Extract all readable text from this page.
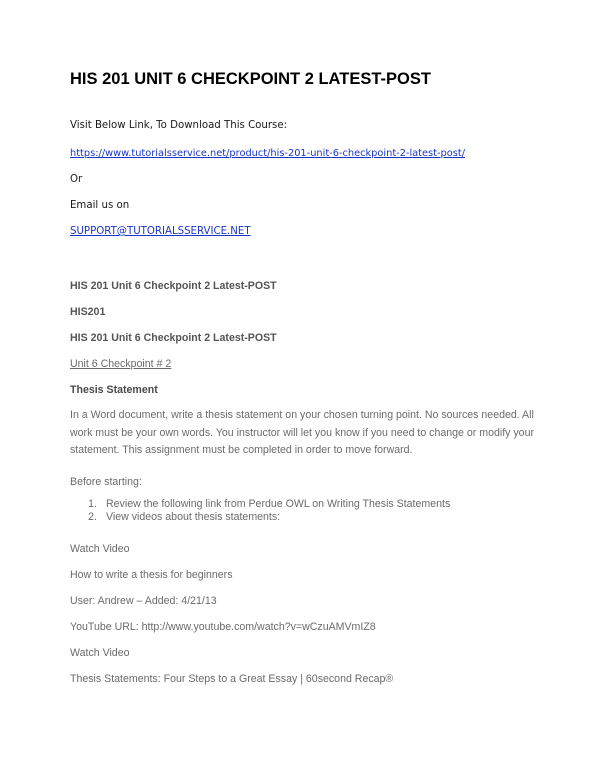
HIS 201 UNIT 6 CHECKPOINT 2 LATEST-POST

Visit Below Link, To Download This Course:

https://www.tutorialsservice.net/product/his-201-unit-6-checkpoint-2-latest-post/

Or

Email us on

SUPPORT@TUTORIALSSERVICE.NET

HIS 201 Unit 6 Checkpoint 2 Latest-POST

HIS201

HIS 201 Unit 6 Checkpoint 2 Latest-POST

Unit 6 Checkpoint # 2

Thesis Statement

In a Word document, write a thesis statement on your chosen turning point. No sources needed. All work must be your own words. You instructor will let you know if you need to change or modify your statement. This assignment must be completed in order to move forward.

Before starting:

1. Review the following link from Perdue OWL on Writing Thesis Statements
2. View videos about thesis statements:

Watch Video

How to write a thesis for beginners

User: Andrew – Added: 4/21/13

YouTube URL: http://www.youtube.com/watch?v=wCzuAMVmIZ8

Watch Video

Thesis Statements: Four Steps to a Great Essay | 60second Recap®
